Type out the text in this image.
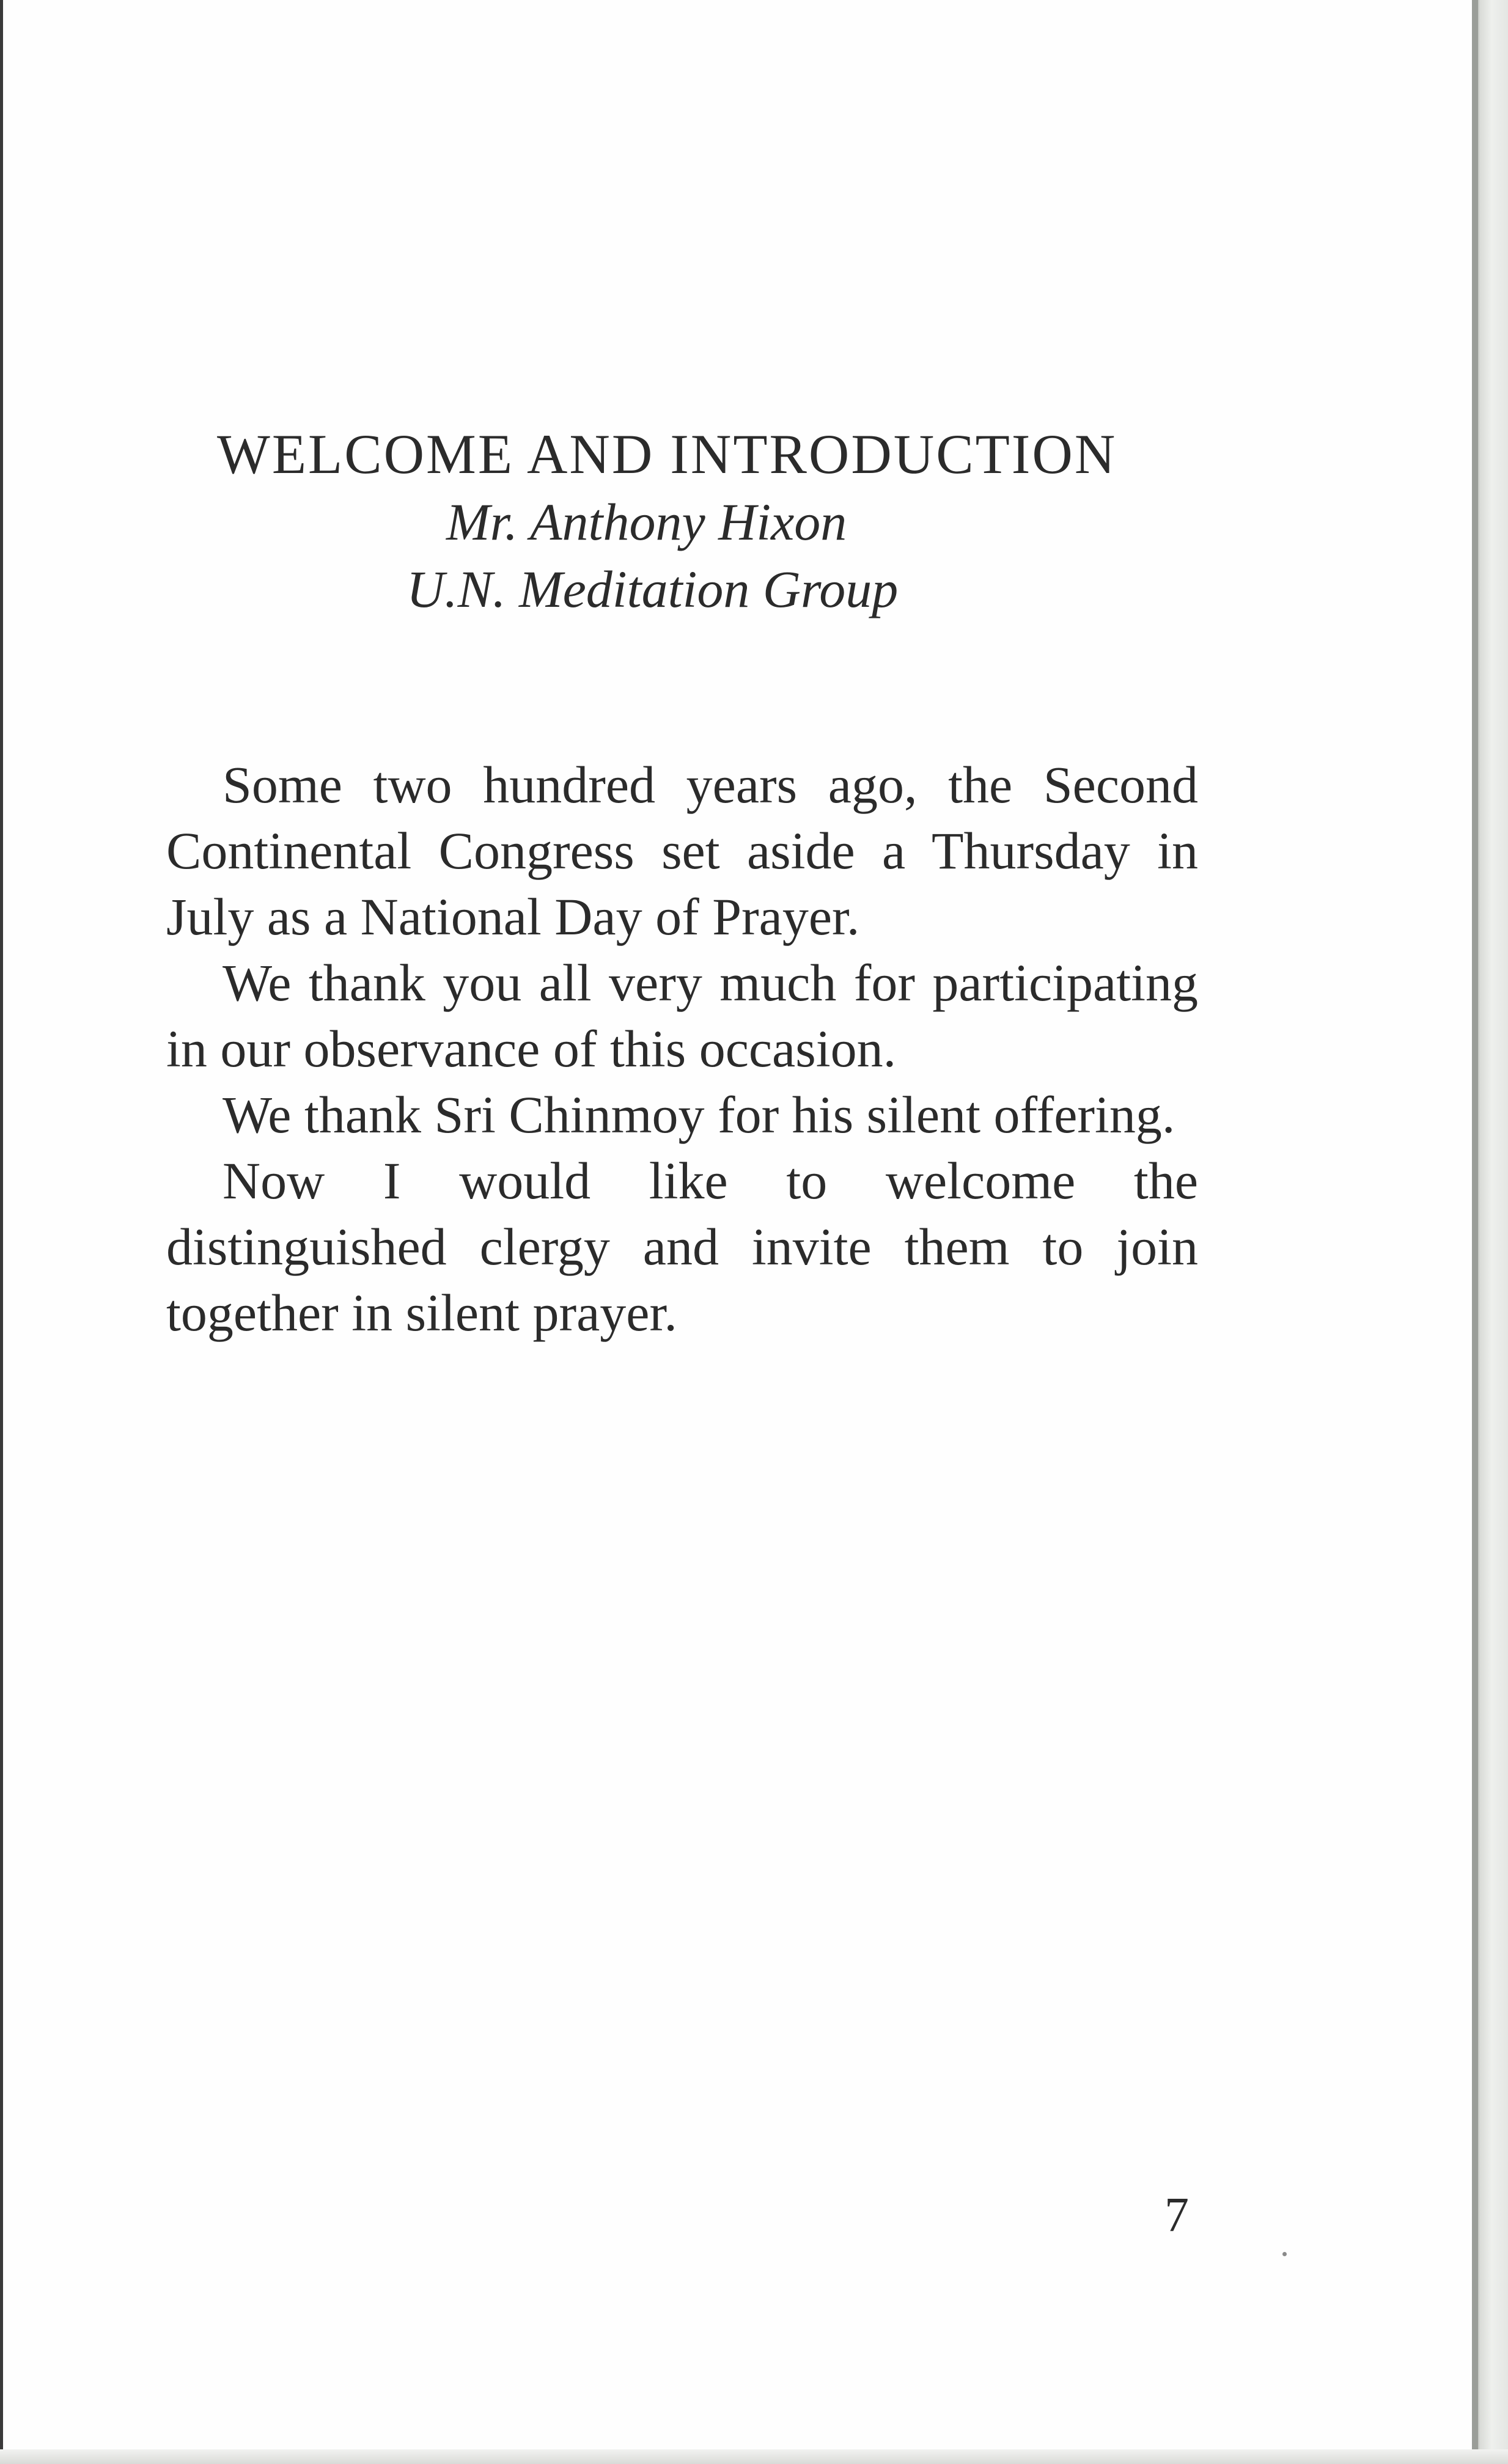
WELCOME AND INTRODUCTION

Mr. Anthony Hixon

U.N. Meditation Group

Some two hundred years ago, the Second Continental Congress set aside a Thursday in July as a National Day of Prayer.

We thank you all very much for participating in our observance of this occasion.

We thank Sri Chinmoy for his silent offering.

Now I would like to welcome the distinguished clergy and invite them to join together in silent prayer.

7
